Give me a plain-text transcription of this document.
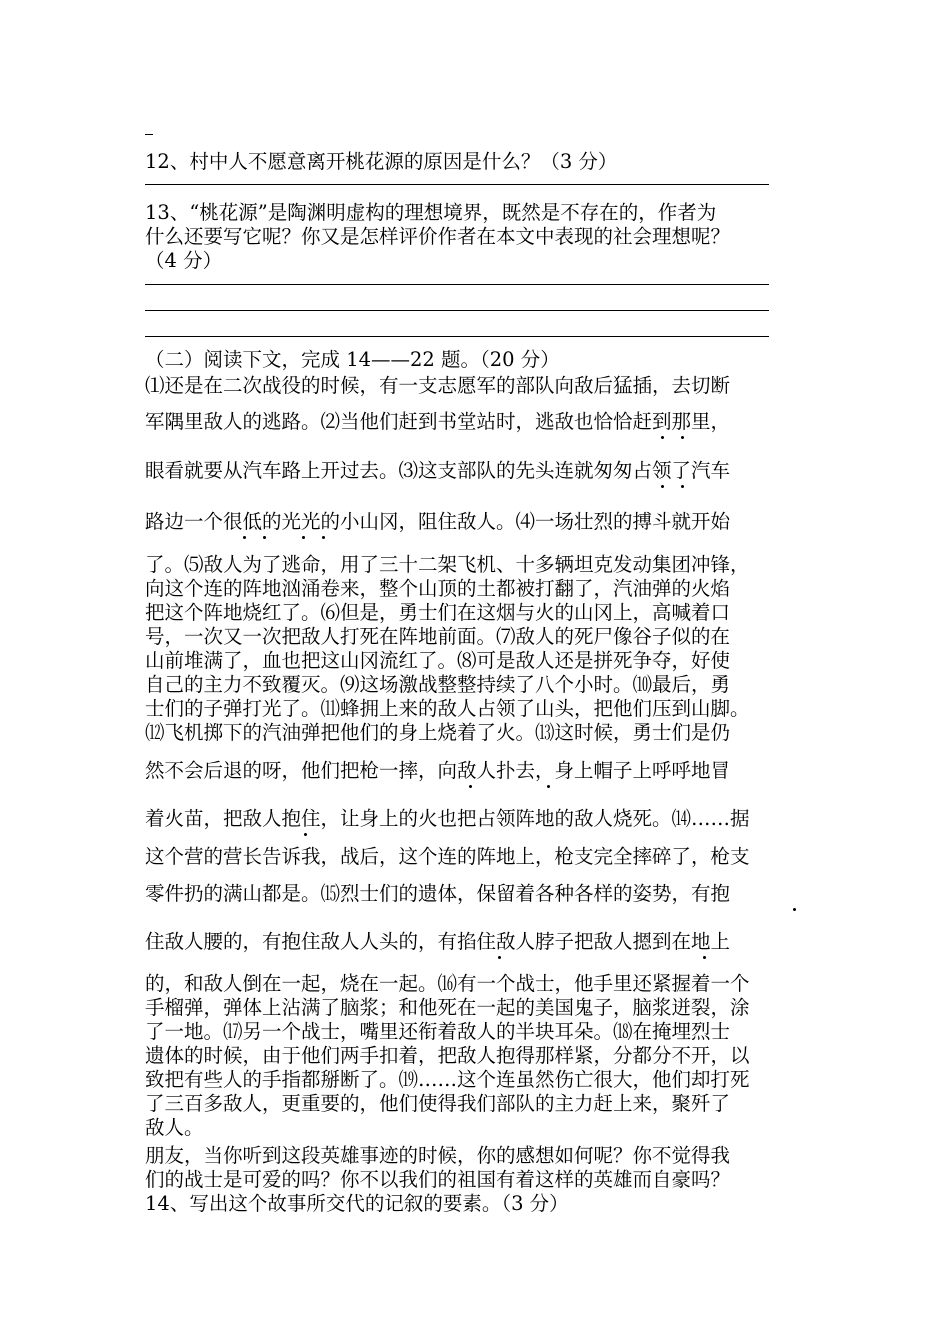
12、村中人不愿意离开桃花源的原因是什么？（3 分）
13、“桃花源”是陶渊明虚构的理想境界，既然是不存在的，作者为
什么还要写它呢？你又是怎样评价作者在本文中表现的社会理想呢？
（4 分）
（二）阅读下文，完成 14——22 题。（20 分）
⑴还是在二次战役的时候，有一支志愿军的部队向敌后猛插，去切断
军隅里敌人的逃路。⑵当他们赶到书堂站时，逃敌也恰恰赶到那里，
眼看就要从汽车路上开过去。⑶这支部队的先头连就匆匆占领了汽车
路边一个很低的光光的小山冈，阻住敌人。⑷一场壮烈的搏斗就开始
了。⑸敌人为了逃命，用了三十二架飞机、十多辆坦克发动集团冲锋，
向这个连的阵地汹涌卷来，整个山顶的土都被打翻了，汽油弹的火焰
把这个阵地烧红了。⑹但是，勇士们在这烟与火的山冈上，高喊着口
号，一次又一次把敌人打死在阵地前面。⑺敌人的死尸像谷子似的在
山前堆满了，血也把这山冈流红了。⑻可是敌人还是拼死争夺，好使
自己的主力不致覆灭。⑼这场激战整整持续了八个小时。⑽最后，勇
士们的子弹打光了。⑾蜂拥上来的敌人占领了山头，把他们压到山脚。
⑿飞机掷下的汽油弹把他们的身上烧着了火。⒀这时候，勇士们是仍
然不会后退的呀，他们把枪一摔，向敌人扑去，身上帽子上呼呼地冒
着火苗，把敌人抱住，让身上的火也把占领阵地的敌人烧死。⒁……据
这个营的营长告诉我，战后，这个连的阵地上，枪支完全摔碎了，枪支
零件扔的满山都是。⒂烈士们的遗体，保留着各种各样的姿势，有抱
住敌人腰的，有抱住敌人人头的，有掐住敌人脖子把敌人摁到在地上
的，和敌人倒在一起，烧在一起。⒃有一个战士，他手里还紧握着一个
手榴弹，弹体上沾满了脑浆；和他死在一起的美国鬼子，脑浆迸裂，涂
了一地。⒄另一个战士，嘴里还衔着敌人的半块耳朵。⒅在掩埋烈士
遗体的时候，由于他们两手扣着，把敌人抱得那样紧，分都分不开，以
致把有些人的手指都掰断了。⒆……这个连虽然伤亡很大，他们却打死
了三百多敌人，更重要的，他们使得我们部队的主力赶上来，聚歼了
敌人。
朋友，当你听到这段英雄事迹的时候，你的感想如何呢？你不觉得我
们的战士是可爱的吗？你不以我们的祖国有着这样的英雄而自豪吗？
14、写出这个故事所交代的记叙的要素。（3 分）
